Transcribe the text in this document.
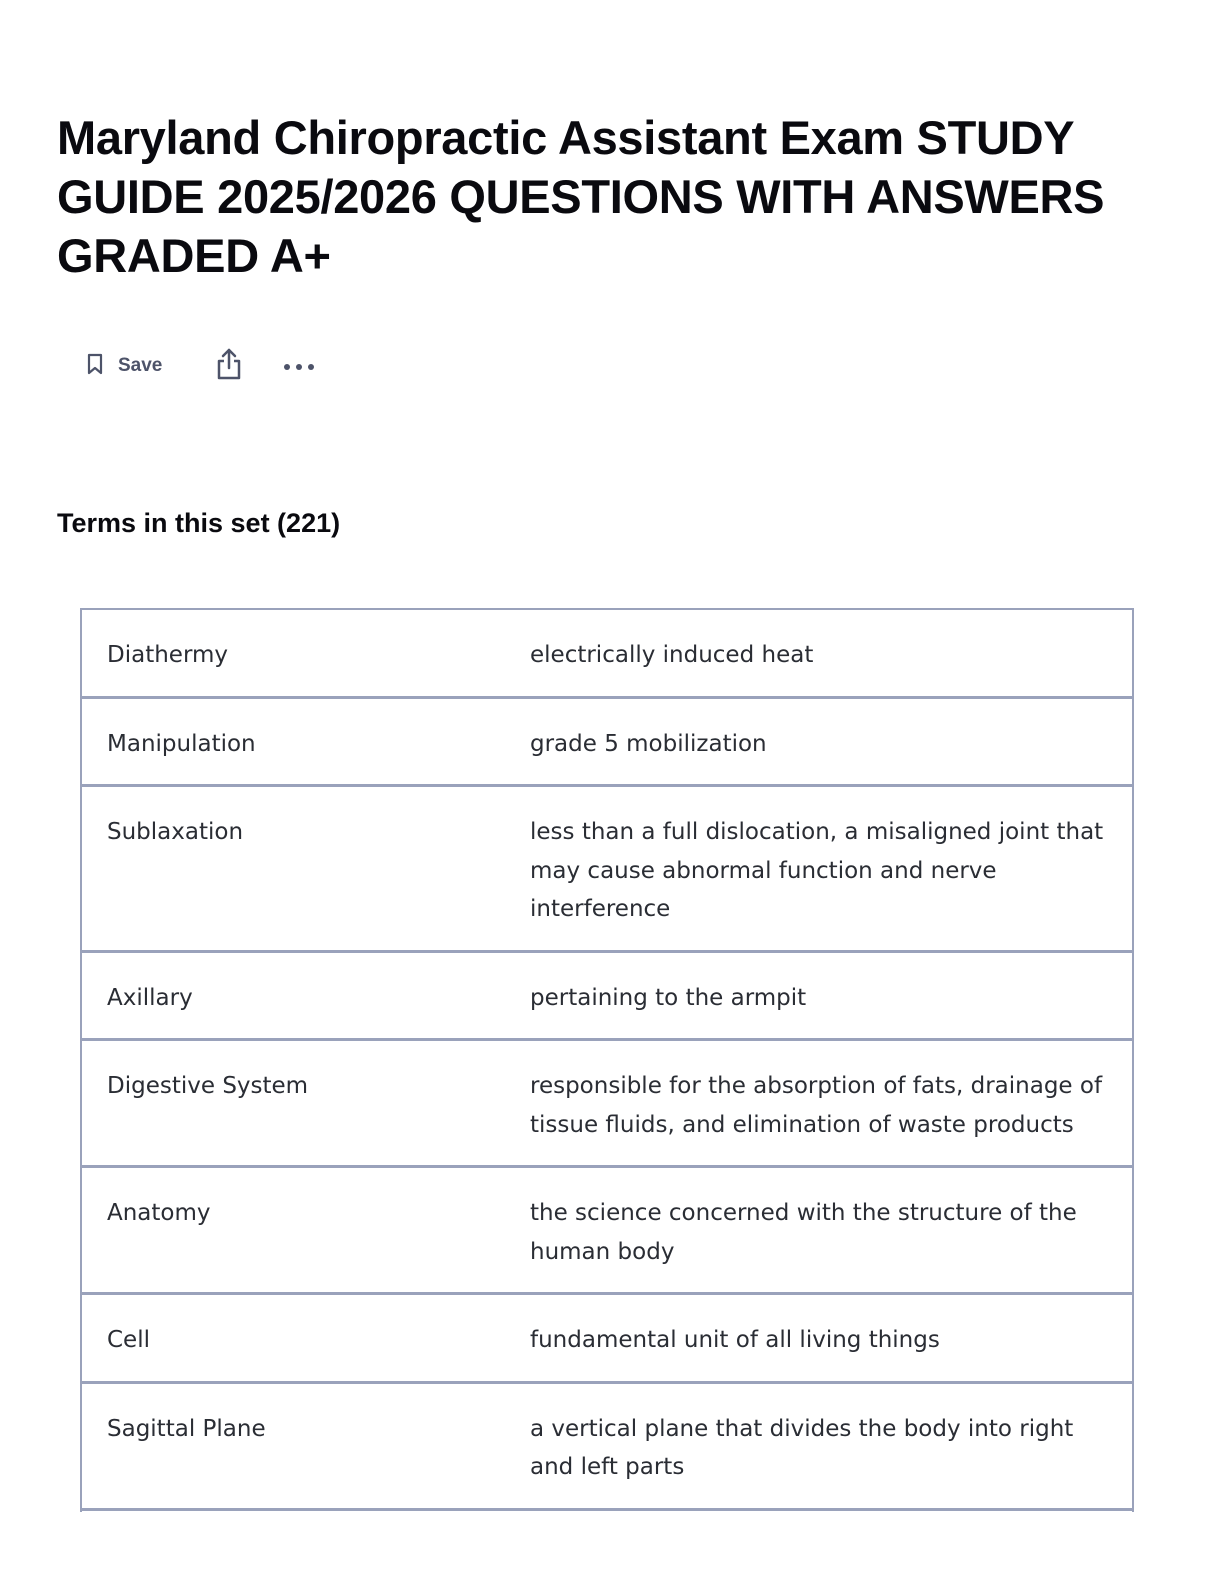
Maryland Chiropractic Assistant Exam STUDY GUIDE 2025/2026 QUESTIONS WITH ANSWERS GRADED A+
Save
Terms in this set (221)
Diathermy	electrically induced heat
Manipulation	grade 5 mobilization
Sublaxation	less than a full dislocation, a misaligned joint that may cause abnormal function and nerve interference
Axillary	pertaining to the armpit
Digestive System	responsible for the absorption of fats, drainage of tissue fluids, and elimination of waste products
Anatomy	the science concerned with the structure of the human body
Cell	fundamental unit of all living things
Sagittal Plane	a vertical plane that divides the body into right and left parts
